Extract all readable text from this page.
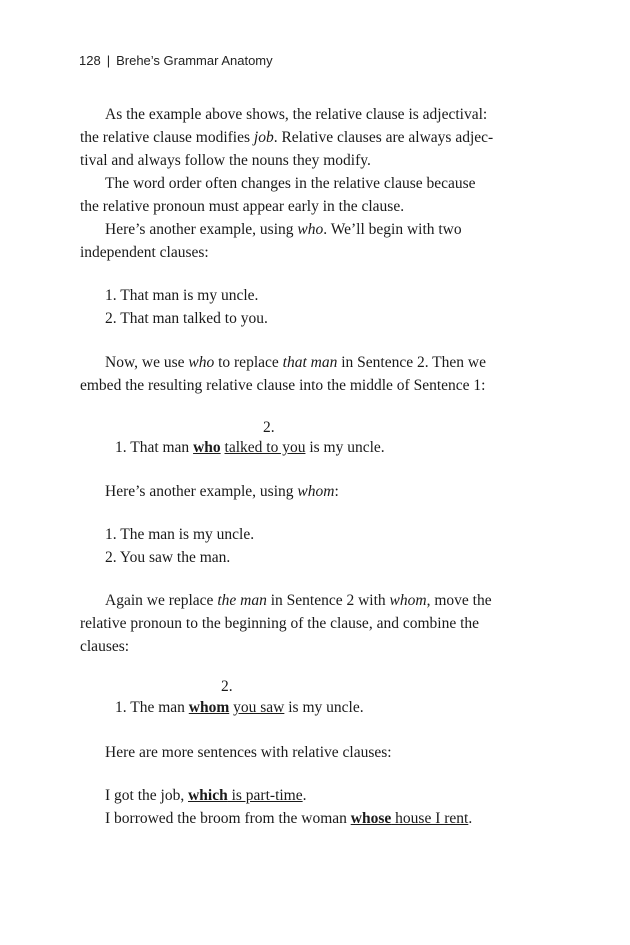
128 | Brehe’s Grammar Anatomy
As the example above shows, the relative clause is adjectival:
the relative clause modifies job. Relative clauses are always adjec-
tival and always follow the nouns they modify.
The word order often changes in the relative clause because
the relative pronoun must appear early in the clause.
Here’s another example, using who. We’ll begin with two
independent clauses:
1. That man is my uncle.
2. That man talked to you.
Now, we use who to replace that man in Sentence 2. Then we
embed the resulting relative clause into the middle of Sentence 1:
2.
1. That man who talked to you is my uncle.
Here’s another example, using whom:
1. The man is my uncle.
2. You saw the man.
Again we replace the man in Sentence 2 with whom, move the
relative pronoun to the beginning of the clause, and combine the
clauses:
2.
1. The man whom you saw is my uncle.
Here are more sentences with relative clauses:
I got the job, which is part-time.
I borrowed the broom from the woman whose house I rent.
